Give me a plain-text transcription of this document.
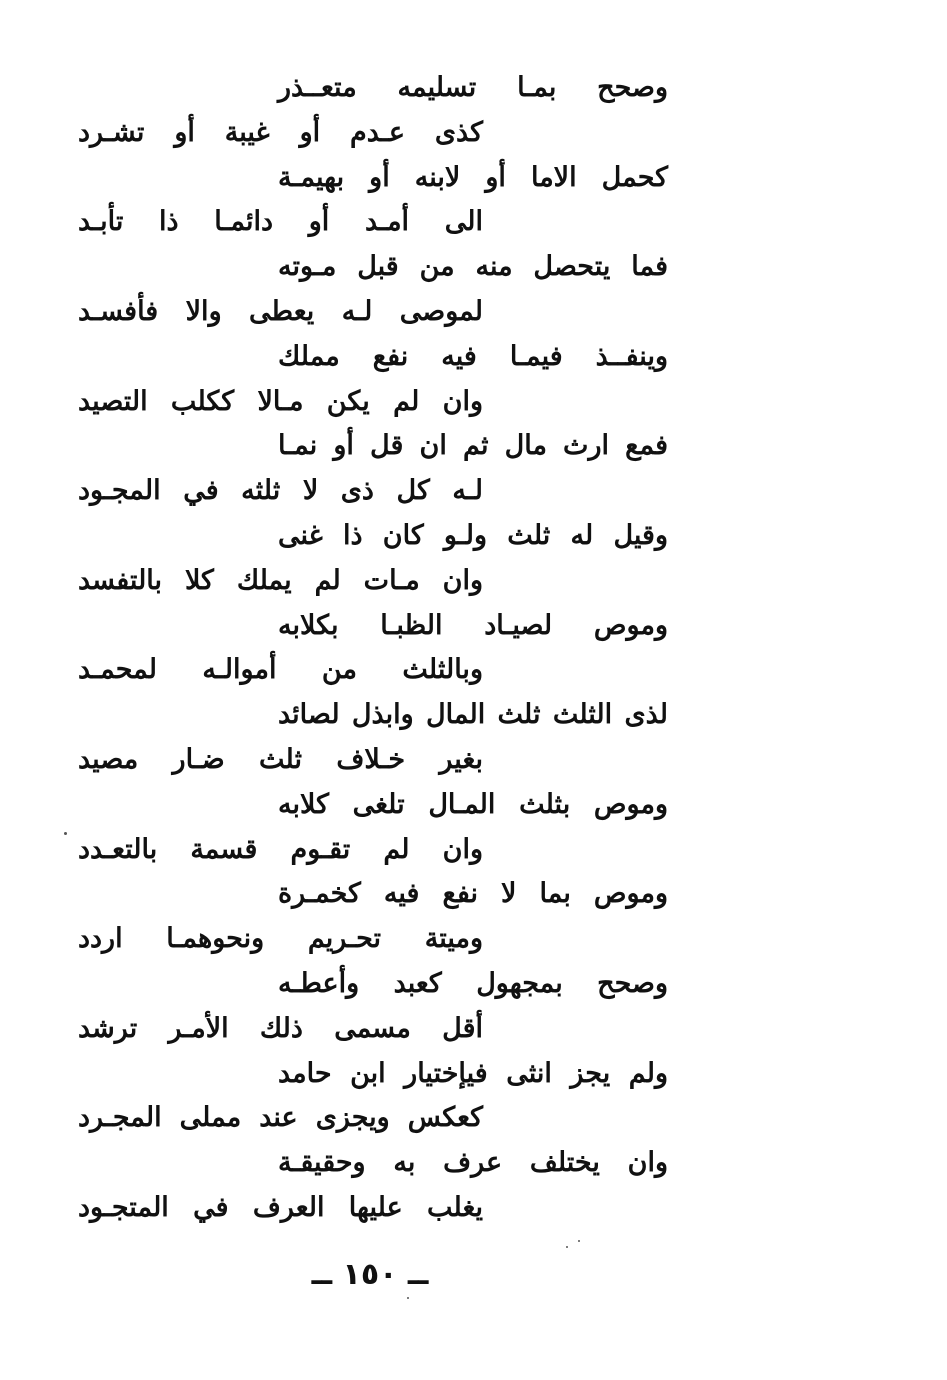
وصحح بمـا تسليمه متعــذر
كذى عـدم أو غيبة أو تشـرد
كحمل الاما أو لابنه أو بهيمـة
الى أمـد أو دائمـا ذا تأبـد
فما يتحصل منه من قبل مـوته
لموصى لـه يعطى والا فأفسـد
وينفــذ فيمـا فيه نفع مملك
وان لم يكن مـالا ككلب التصيد
فمع ارث مال ثم ان قل أو نمـا
لـه كل ذى لا ثلثه في المجـود
وقيل له ثلث ولـو كان ذا غنى
وان مـات لم يملك كلا بالتفسد
وموص لصيـاد الظبـا بكلابه
وبالثلث من أموالـه لمحمـد
لذى الثلث ثلث المال وابذل لصائد
بغير خـلاف ثلث ضـار مصيد
وموص بثلث المـال تلغى كلابه
وان لم تقـوم قسمة بالتعـدد
وموص بما لا نفع فيه كخمـرة
وميتة تحـريم ونحوهمـا اردد
وصحح بمجهول كعبد وأعطـه
أقل مسمى ذلك الأمـر ترشد
ولم يجز انثى فيإختيار ابن حامد
كعكس ويجزى عند مملى المجـرد
وان يختلف عرف به وحقيقـة
يغلب عليها العرف في المتجـود
ــ ١٥٠ ــ
